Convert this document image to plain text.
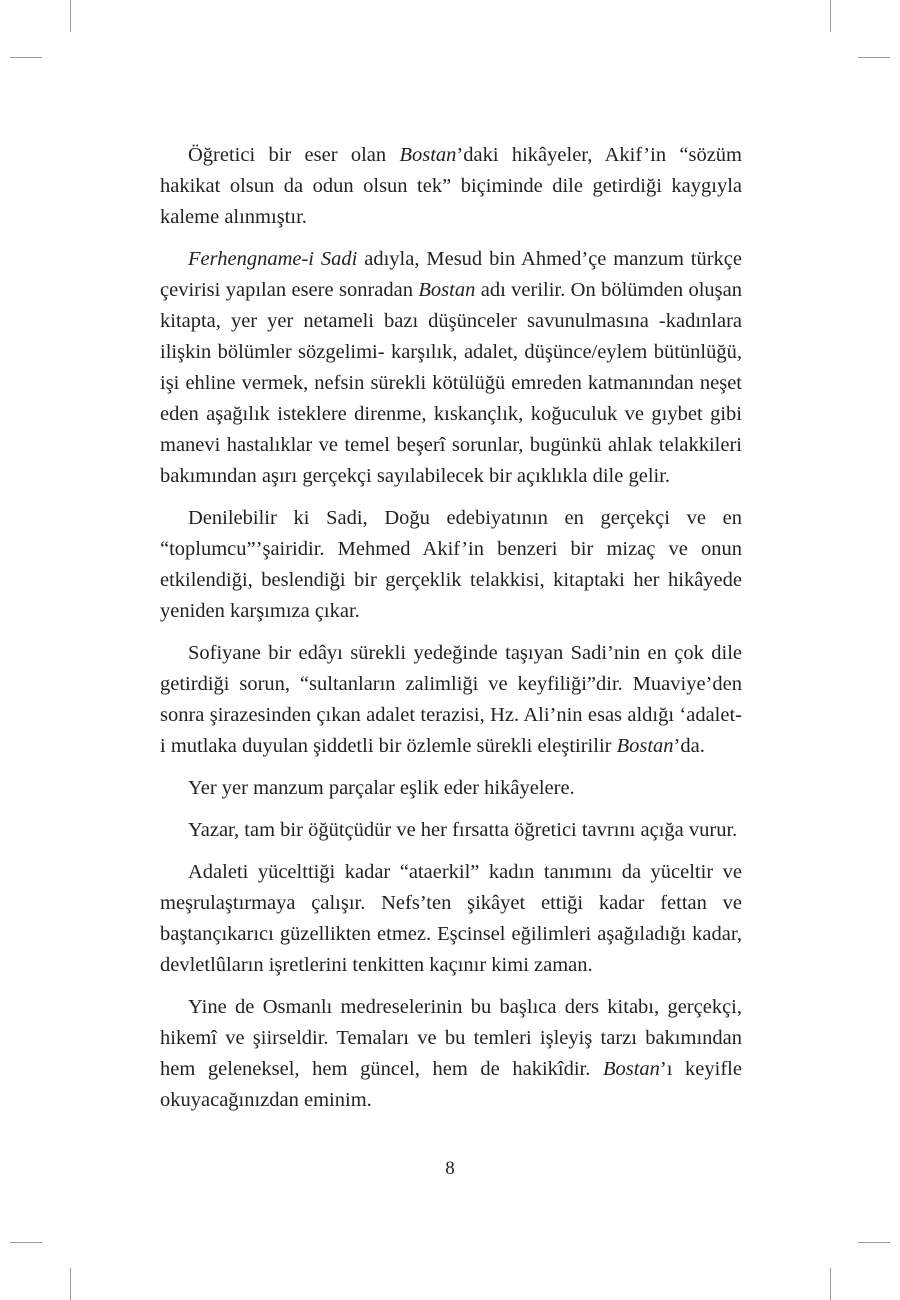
Öğretici bir eser olan Bostan’daki hikâyeler, Akif’in “sözüm hakikat olsun da odun olsun tek” biçiminde dile getirdiği kaygıyla kaleme alınmıştır.

Ferhengname-i Sadi adıyla, Mesud bin Ahmed’çe manzum türkçe çevirisi yapılan esere sonradan Bostan adı verilir. On bölümden oluşan kitapta, yer yer netameli bazı düşünceler savunulmasına -kadınlara ilişkin bölümler sözgelimi- karşılık, adalet, düşünce/eylem bütünlüğü, işi ehline vermek, nefsin sürekli kötülüğü emreden katmanından neşet eden aşağılık isteklere direnme, kıskançlık, koğuculuk ve gıybet gibi manevi hastalıklar ve temel beşerî sorunlar, bugünkü ahlak telakkileri bakımından aşırı gerçekçi sayılabilecek bir açıklıkla dile gelir.

Denilebilir ki Sadi, Doğu edebiyatının en gerçekçi ve en “toplumcu”’şairidir. Mehmed Akif’in benzeri bir mizaç ve onun etkilendiği, beslendiği bir gerçeklik telakkisi, kitaptaki her hikâyede yeniden karşımıza çıkar.

Sofiyane bir edâyı sürekli yedeğinde taşıyan Sadi’nin en çok dile getirdiği sorun, “sultanların zalimliği ve keyfiliği”dir. Muaviye’den sonra şirazesinden çıkan adalet terazisi, Hz. Ali’nin esas aldığı ‘adalet-i mutlaka duyulan şiddetli bir özlemle sürekli eleştirilir Bostan’da.

Yer yer manzum parçalar eşlik eder hikâyelere.

Yazar, tam bir öğütçüdür ve her fırsatta öğretici tavrını açığa vurur.

Adaleti yücelttiği kadar “ataerkil” kadın tanımını da yüceltir ve meşrulaştırmaya çalışır. Nefs’ten şikâyet ettiği kadar fettan ve baştançıkarıcı güzellikten etmez. Eşcinsel eğilimleri aşağıladığı kadar, devletlûların işretlerini tenkitten kaçınır kimi zaman.

Yine de Osmanlı medreselerinin bu başlıca ders kitabı, gerçekçi, hikemî ve şiirseldir. Temaları ve bu temleri işleyiş tarzı bakımından hem geleneksel, hem güncel, hem de hakikîdir. Bostan’ı keyifle okuyacağınızdan eminim.

8
